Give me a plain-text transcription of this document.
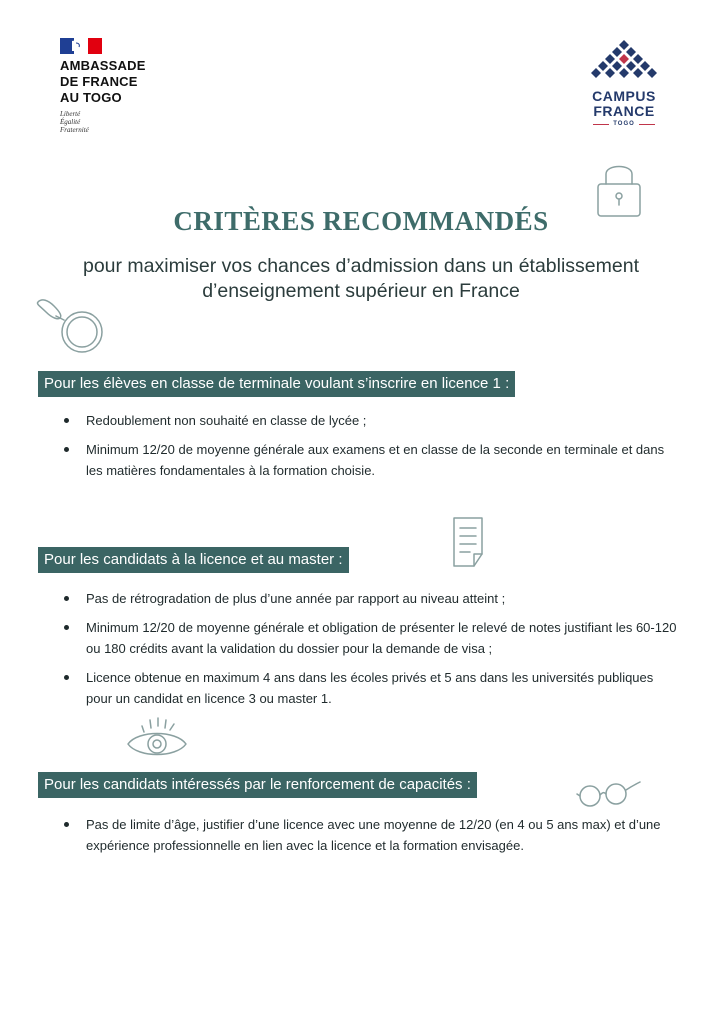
AMBASSADE
DE FRANCE
AU TOGO
Liberté
Égalité
Fraternité
CAMPUS
FRANCE
TOGO
CRITÈRES RECOMMANDÉS
pour maximiser vos chances d’admission dans un établissement d’enseignement supérieur en France
Pour les élèves en classe de terminale voulant s’inscrire en licence 1 :
Redoublement non souhaité en classe de lycée ;
Minimum 12/20 de moyenne générale aux examens et en classe de la seconde en terminale et dans les matières fondamentales à la formation choisie.
Pour les candidats à la licence et au master :
Pas de rétrogradation de plus d’une année par rapport au niveau atteint ;
Minimum 12/20 de moyenne générale et obligation de présenter le relevé de notes justifiant les 60-120 ou 180 crédits avant la validation du dossier pour la demande de visa ;
Licence obtenue en maximum 4 ans dans les écoles privés et 5 ans dans les universités publiques pour un candidat en licence 3 ou master 1.
Pour les candidats intéressés par le renforcement de capacités :
Pas de limite d’âge, justifier d’une licence avec une moyenne de 12/20 (en 4 ou 5 ans max) et d’une expérience professionnelle en lien avec la licence et la formation envisagée.
